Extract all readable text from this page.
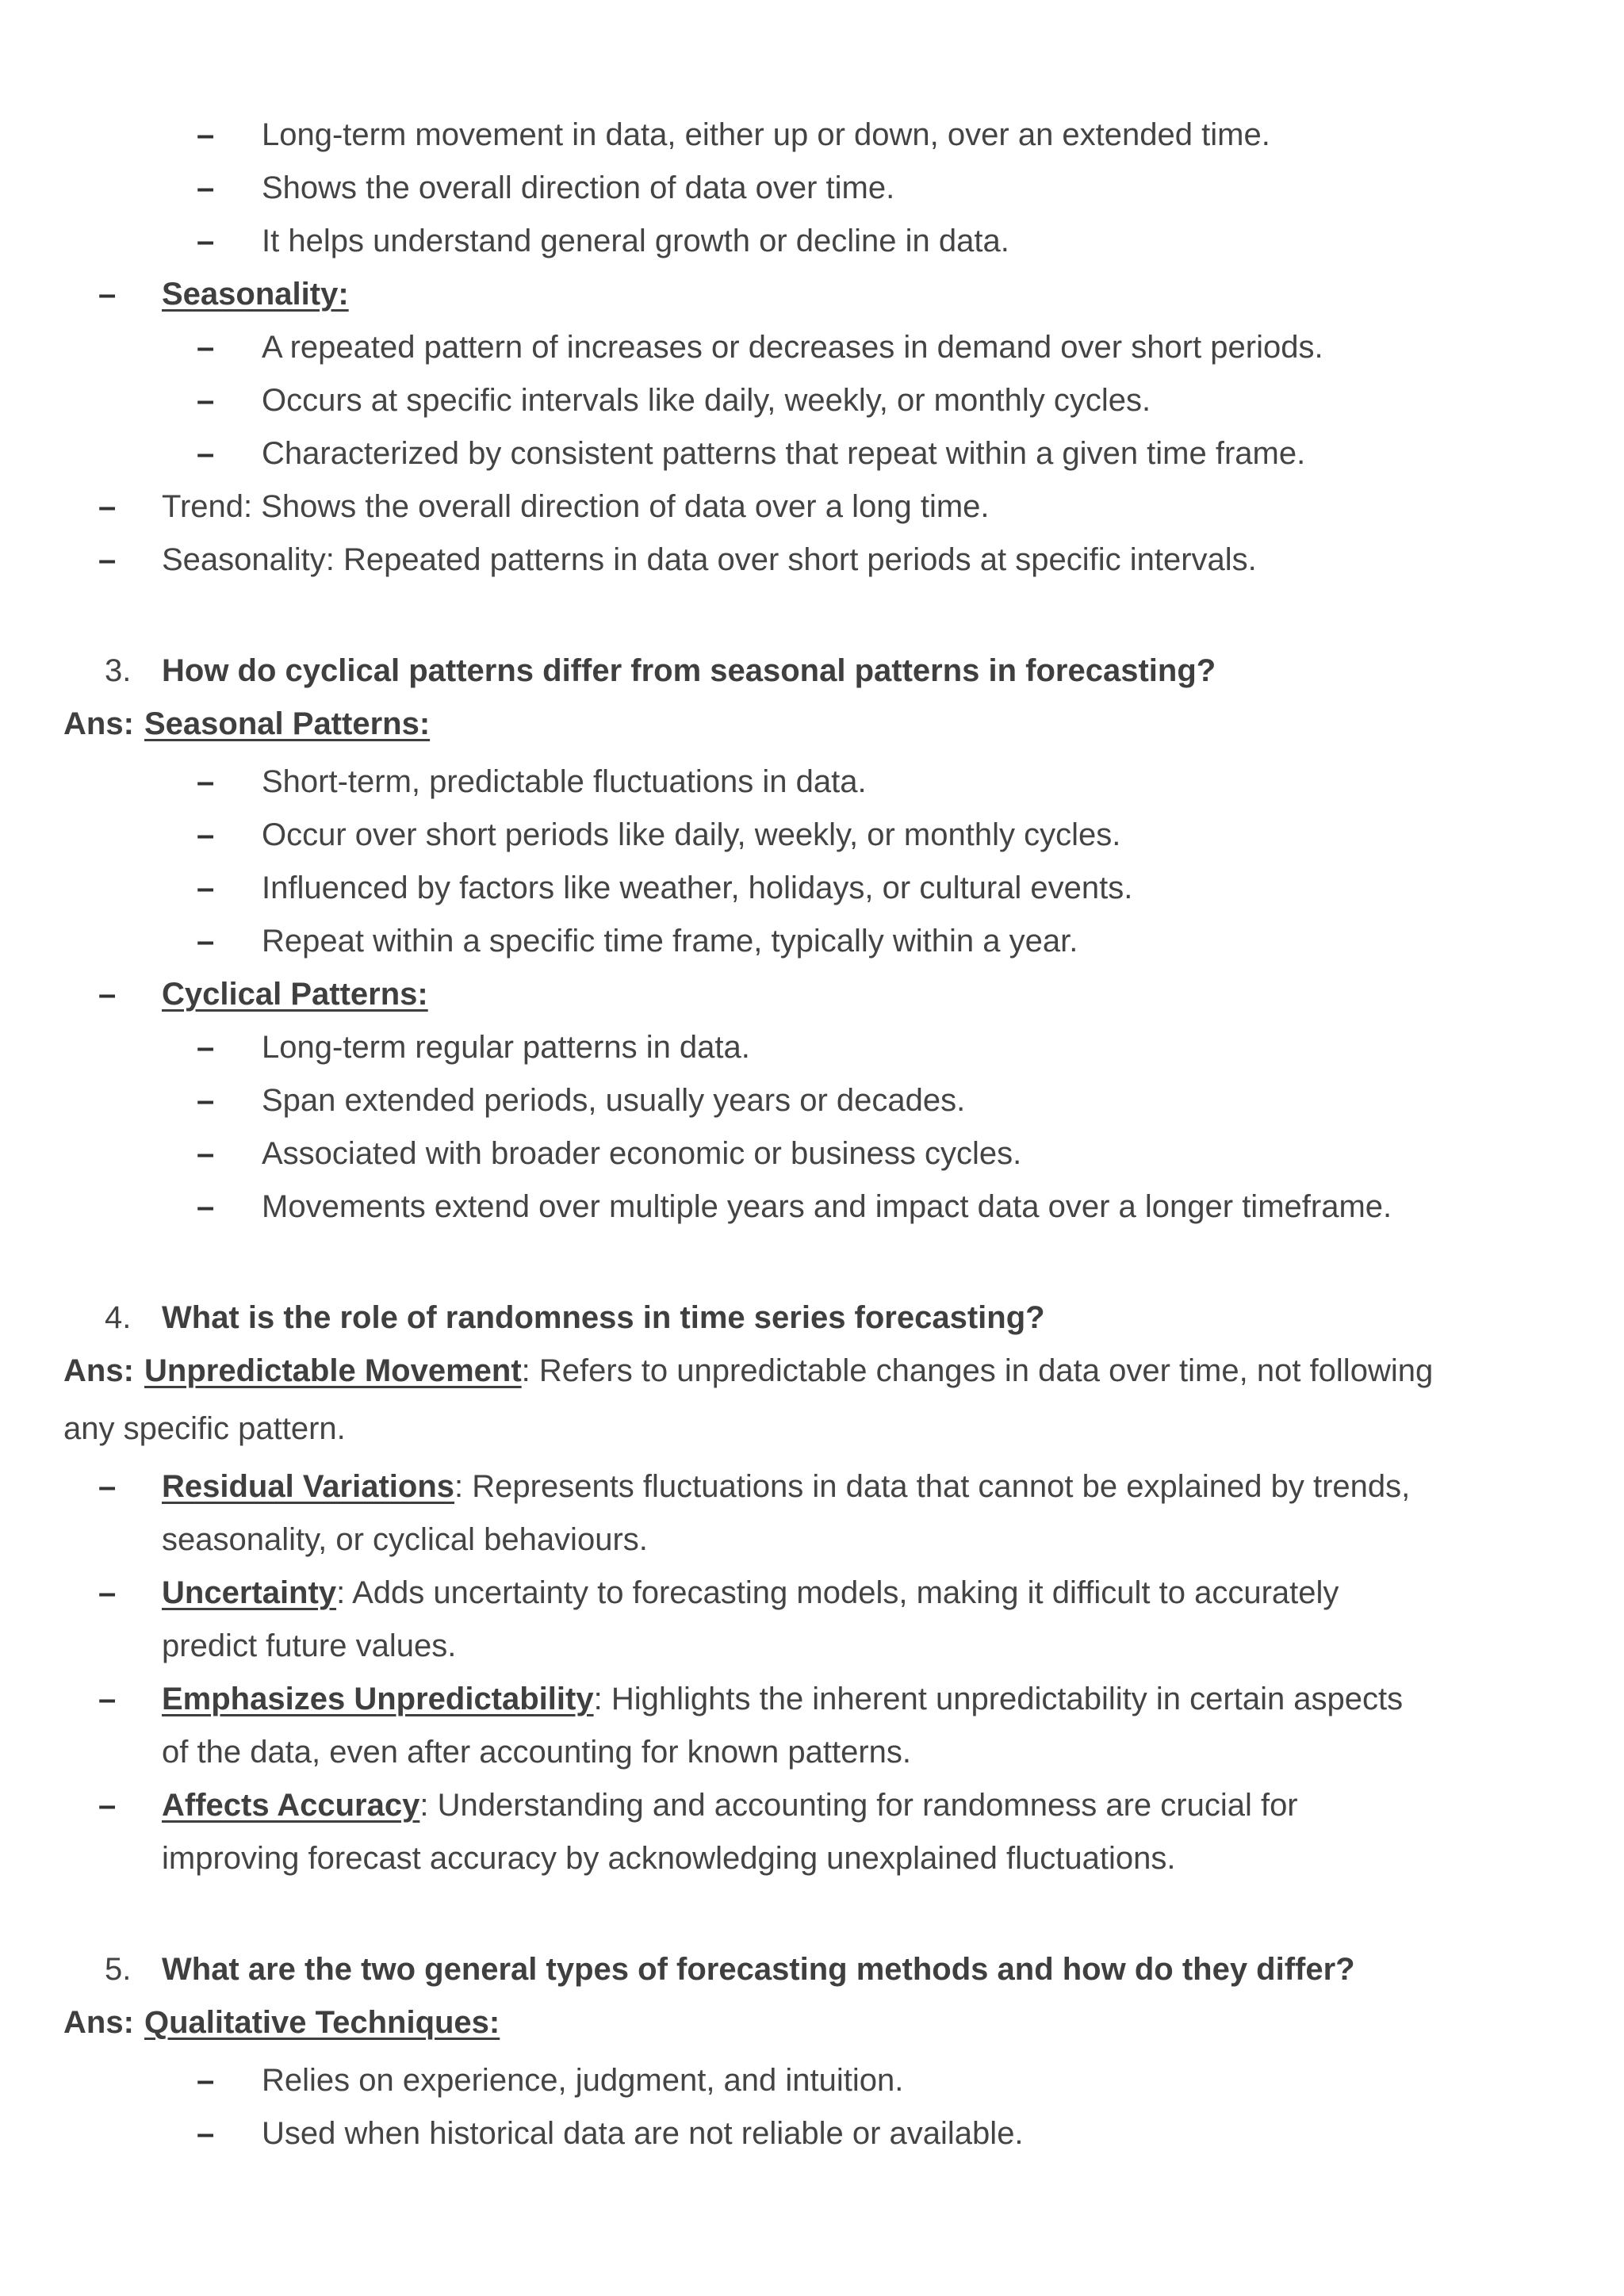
– Long-term movement in data, either up or down, over an extended time.
– Shows the overall direction of data over time.
– It helps understand general growth or decline in data.
– Seasonality:
– A repeated pattern of increases or decreases in demand over short periods.
– Occurs at specific intervals like daily, weekly, or monthly cycles.
– Characterized by consistent patterns that repeat within a given time frame.
– Trend: Shows the overall direction of data over a long time.
– Seasonality: Repeated patterns in data over short periods at specific intervals.
3. How do cyclical patterns differ from seasonal patterns in forecasting?
Ans: Seasonal Patterns:
– Short-term, predictable fluctuations in data.
– Occur over short periods like daily, weekly, or monthly cycles.
– Influenced by factors like weather, holidays, or cultural events.
– Repeat within a specific time frame, typically within a year.
– Cyclical Patterns:
– Long-term regular patterns in data.
– Span extended periods, usually years or decades.
– Associated with broader economic or business cycles.
– Movements extend over multiple years and impact data over a longer timeframe.
4. What is the role of randomness in time series forecasting?
Ans: Unpredictable Movement: Refers to unpredictable changes in data over time, not following
any specific pattern.
– Residual Variations: Represents fluctuations in data that cannot be explained by trends,
seasonality, or cyclical behaviours.
– Uncertainty: Adds uncertainty to forecasting models, making it difficult to accurately
predict future values.
– Emphasizes Unpredictability: Highlights the inherent unpredictability in certain aspects
of the data, even after accounting for known patterns.
– Affects Accuracy: Understanding and accounting for randomness are crucial for
improving forecast accuracy by acknowledging unexplained fluctuations.
5. What are the two general types of forecasting methods and how do they differ?
Ans: Qualitative Techniques:
– Relies on experience, judgment, and intuition.
– Used when historical data are not reliable or available.
